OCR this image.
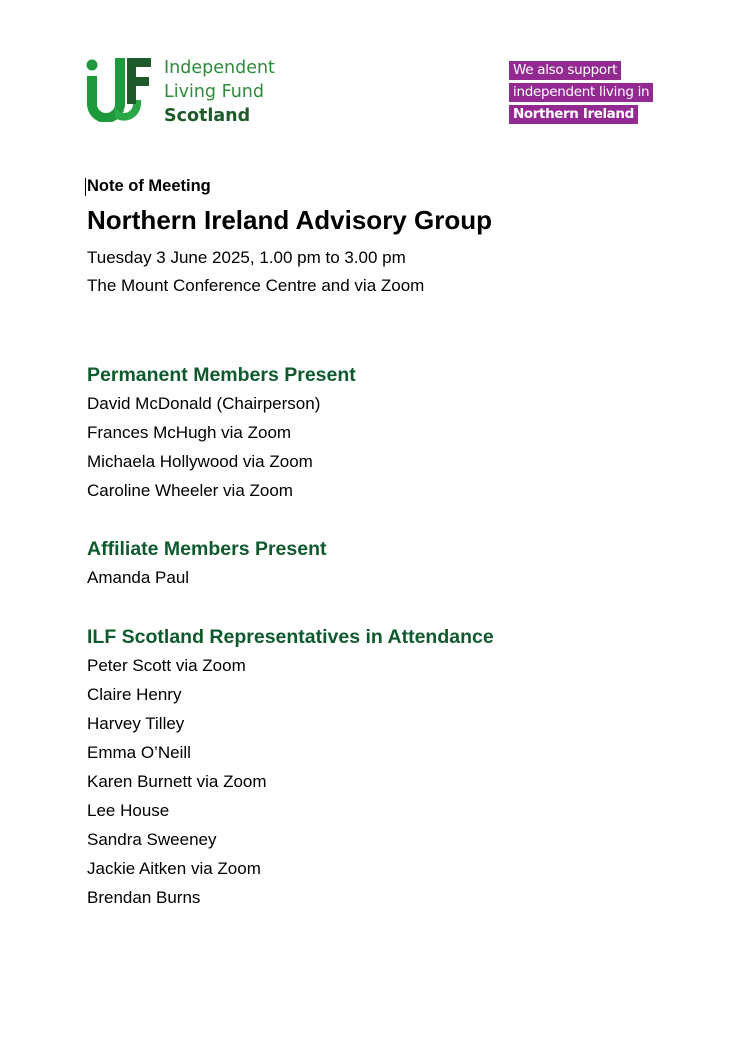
Independent
Living Fund
Scotland
We also support
independent living in
Northern Ireland
Note of Meeting
Northern Ireland Advisory Group
Tuesday 3 June 2025, 1.00 pm to 3.00 pm
The Mount Conference Centre and via Zoom
Permanent Members Present
David McDonald (Chairperson)
Frances McHugh via Zoom
Michaela Hollywood via Zoom
Caroline Wheeler via Zoom
Affiliate Members Present
Amanda Paul
ILF Scotland Representatives in Attendance
Peter Scott via Zoom
Claire Henry
Harvey Tilley
Emma O’Neill
Karen Burnett via Zoom
Lee House
Sandra Sweeney
Jackie Aitken via Zoom
Brendan Burns
